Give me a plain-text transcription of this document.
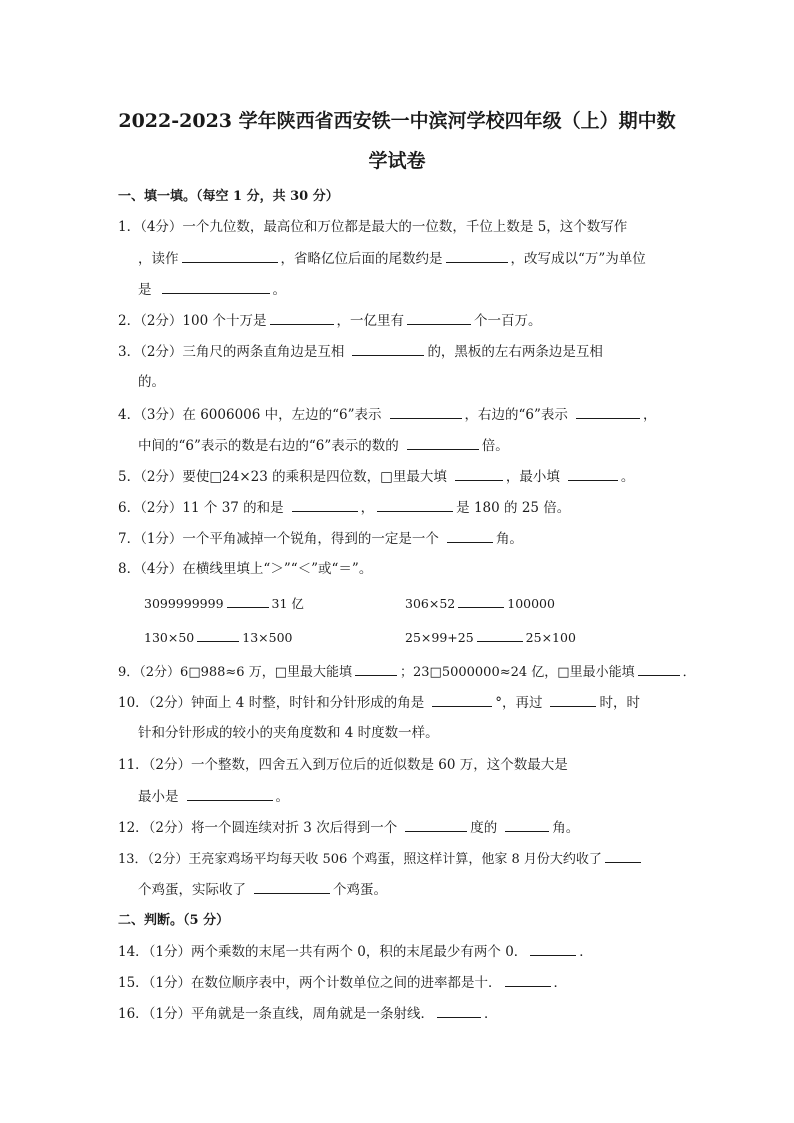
2022-2023 学年陕西省西安铁一中滨河学校四年级（上）期中数
学试卷
一、填一填。（每空 1 分，共 30 分）
1．（4分）一个九位数，最高位和万位都是最大的一位数，千位上数是 5，这个数写作
，读作	，省略亿位后面的尾数约是	，改写成以“万”为单位
是	。
2．（2分）100 个十万是	，一亿里有	个一百万。
3．（2分）三角尺的两条直角边是互相	的，黑板的左右两条边是互相
的。
4．（3分）在 6006006 中，左边的“6”表示	，右边的“6”表示	，
中间的“6”表示的数是右边的“6”表示的数的	倍。
5．（2分）要使□24×23 的乘积是四位数，□里最大填	，最小填	。
6．（2分）11 个 37 的和是	，	是 180 的 25 倍。
7．（1分）一个平角减掉一个锐角，得到的一定是一个	角。
8．（4分）在横线里填上“＞”“＜”或“＝”。
3099999999	31 亿	306×52	100000
130×50	13×500	25×99+25	25×100
9．（2分）6□988≈6 万，□里最大能填	；23□5000000≈24 亿，□里最小能填	．
10．（2分）钟面上 4 时整，时针和分针形成的角是	°，再过	时，时
针和分针形成的较小的夹角度数和 4 时度数一样。
11．（2分）一个整数，四舍五入到万位后的近似数是 60 万，这个数最大是
最小是	。
12．（2分）将一个圆连续对折 3 次后得到一个	度的	角。
13．（2分）王亮家鸡场平均每天收 506 个鸡蛋，照这样计算，他家 8 月份大约收了
个鸡蛋，实际收了	个鸡蛋。
二、判断。（5 分）
14．（1分）两个乘数的末尾一共有两个 0，积的末尾最少有两个 0．	．
15．（1分）在数位顺序表中，两个计数单位之间的进率都是十．	．
16．（1分）平角就是一条直线，周角就是一条射线．	．
